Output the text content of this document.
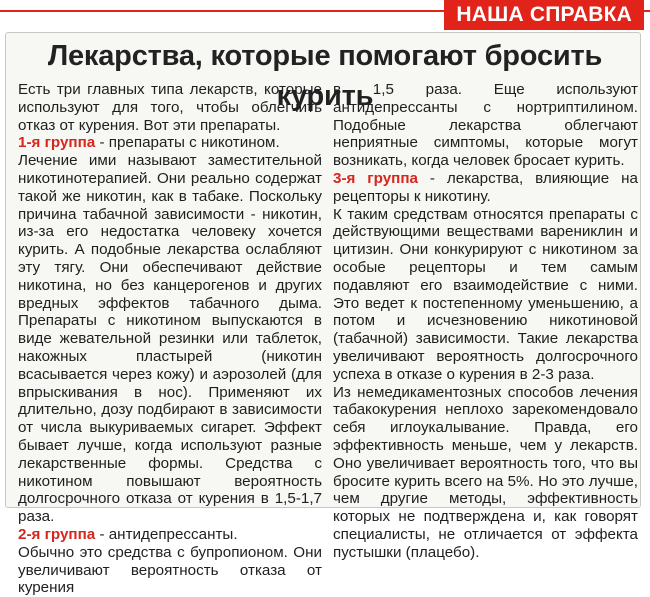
НАША СПРАВКА
Лекарства, которые помогают бросить курить

Есть три главных типа лекарств, которые используют для того, чтобы облегчить отказ от курения. Вот эти препараты.

1-я группа - препараты с никотином.

Лечение ими называют заместительной никотинотерапией. Они реально содержат такой же никотин, как в табаке. Поскольку причина табачной зависимости - никотин, из-за его недостатка человеку хочется курить. А подобные лекарства ослабляют эту тягу. Они обеспечивают действие никотина, но без канцерогенов и других вредных эффектов табачного дыма. Препараты с никотином выпускаются в виде жевательной резинки или таблеток, накожных пластырей (никотин всасывается через кожу) и аэрозолей (для впрыскивания в нос). Применяют их длительно, дозу подбирают в зависимости от числа выкуриваемых сигарет. Эффект бывает лучше, когда используют разные лекарственные формы. Средства с никотином повышают вероятность долгосрочного отказа от курения в 1,5-1,7 раза.

2-я группа - антидепрессанты.

Обычно это средства с бупропионом. Они увеличивают вероятность отказа от курения

в 1,5 раза. Еще используют антидепрессанты с нортриптилином. Подобные лекарства облегчают неприятные симптомы, которые могут возникать, когда человек бросает курить.

3-я группа - лекарства, влияющие на рецепторы к никотину.

К таким средствам относятся препараты с действующими веществами варениклин и цитизин. Они конкурируют с никотином за особые рецепторы и тем самым подавляют его взаимодействие с ними. Это ведет к постепенному уменьшению, а потом и исчезновению никотиновой (табачной) зависимости. Такие лекарства увеличивают вероятность долгосрочного успеха в отказе о курения в 2-3 раза.

Из немедикаментозных способов лечения табакокурения неплохо зарекомендовало себя иглоукалывание. Правда, его эффективность меньше, чем у лекарств. Оно увеличивает вероятность того, что вы бросите курить всего на 5%. Но это лучше, чем другие методы, эффективность которых не подтверждена и, как говорят специалисты, не отличается от эффекта пустышки (плацебо).
